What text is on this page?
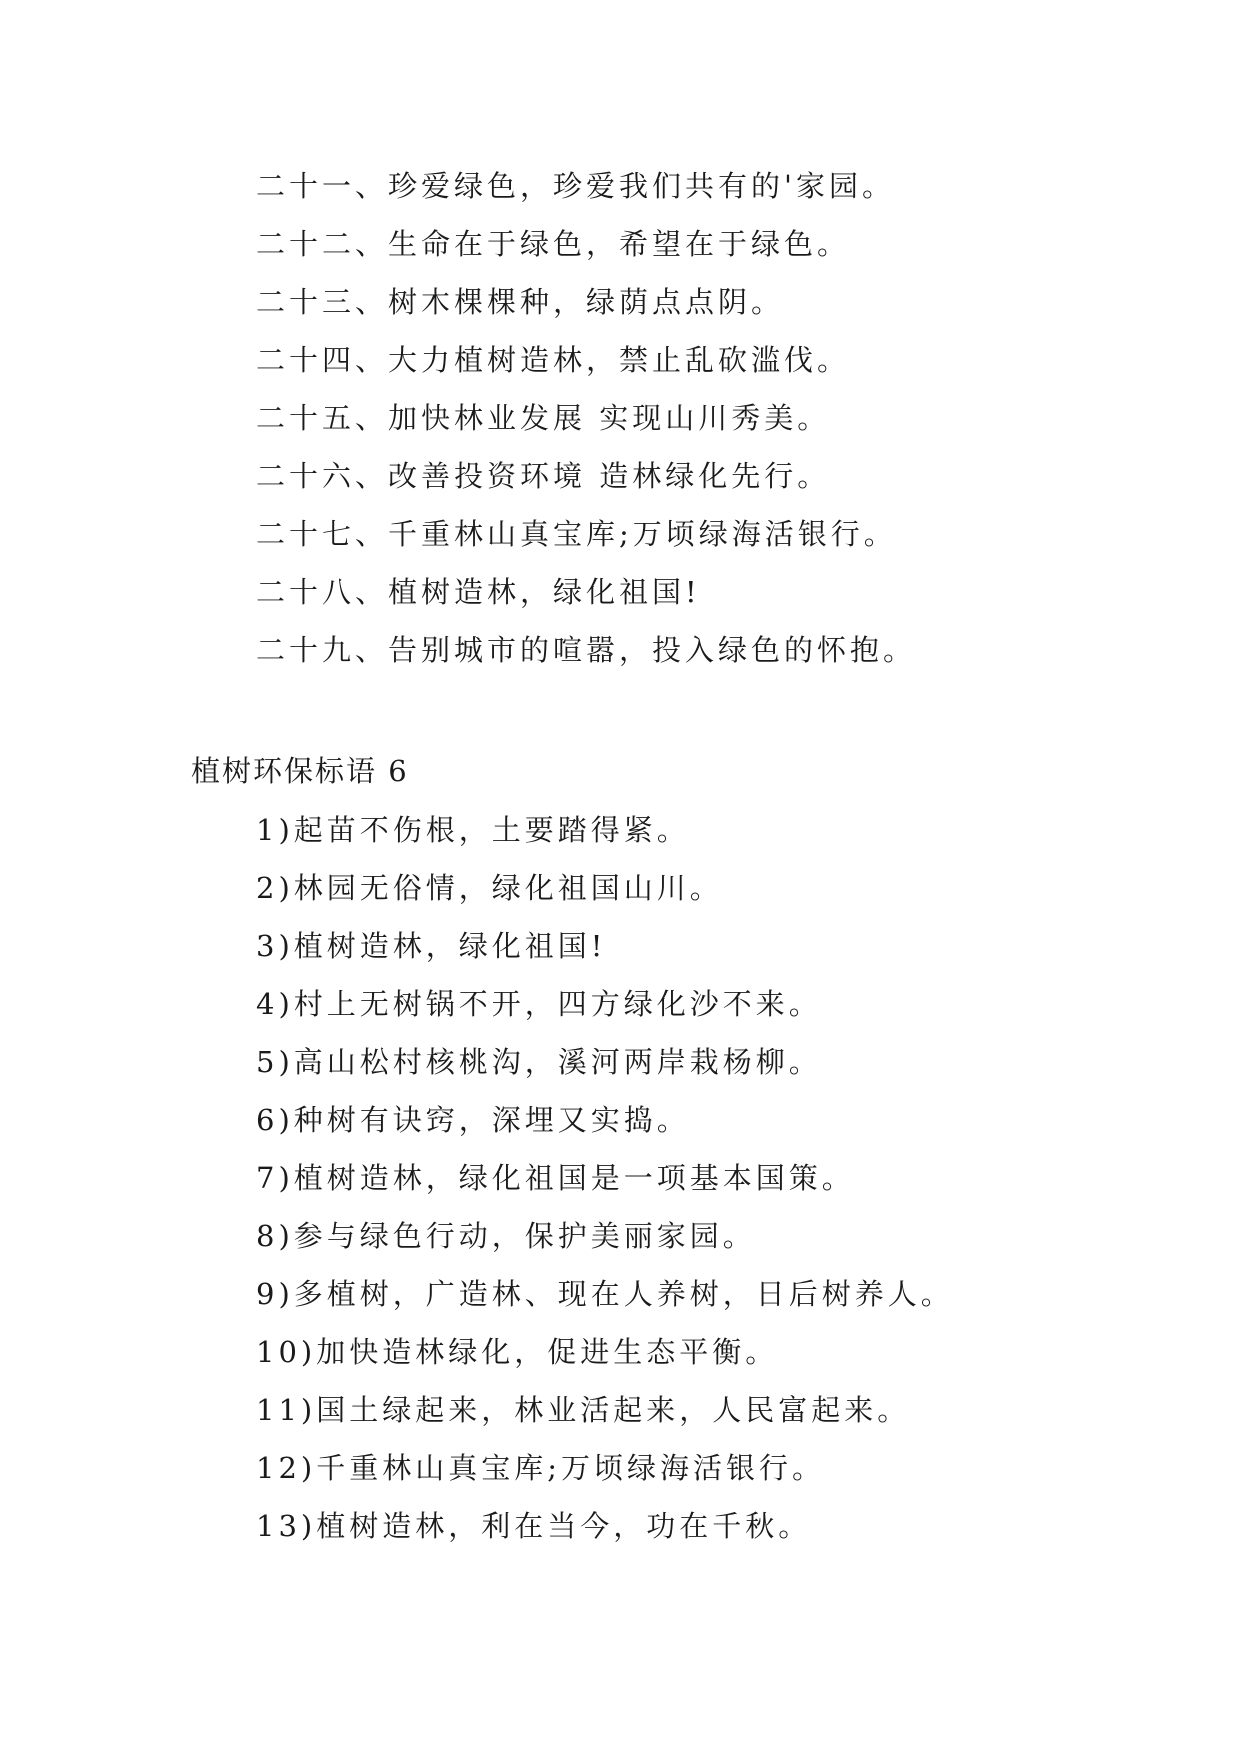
二十一、珍爱绿色，珍爱我们共有的'家园。
二十二、生命在于绿色，希望在于绿色。
二十三、树木棵棵种，绿荫点点阴。
二十四、大力植树造林，禁止乱砍滥伐。
二十五、加快林业发展 实现山川秀美。
二十六、改善投资环境 造林绿化先行。
二十七、千重林山真宝库;万顷绿海活银行。
二十八、植树造林，绿化祖国!
二十九、告别城市的喧嚣，投入绿色的怀抱。
植树环保标语 6
1)起苗不伤根，土要踏得紧。
2)林园无俗情，绿化祖国山川。
3)植树造林，绿化祖国!
4)村上无树锅不开，四方绿化沙不来。
5)高山松村核桃沟，溪河两岸栽杨柳。
6)种树有诀窍，深埋又实捣。
7)植树造林，绿化祖国是一项基本国策。
8)参与绿色行动，保护美丽家园。
9)多植树，广造林、现在人养树，日后树养人。
10)加快造林绿化，促进生态平衡。
11)国土绿起来，林业活起来，人民富起来。
12)千重林山真宝库;万顷绿海活银行。
13)植树造林，利在当今，功在千秋。
